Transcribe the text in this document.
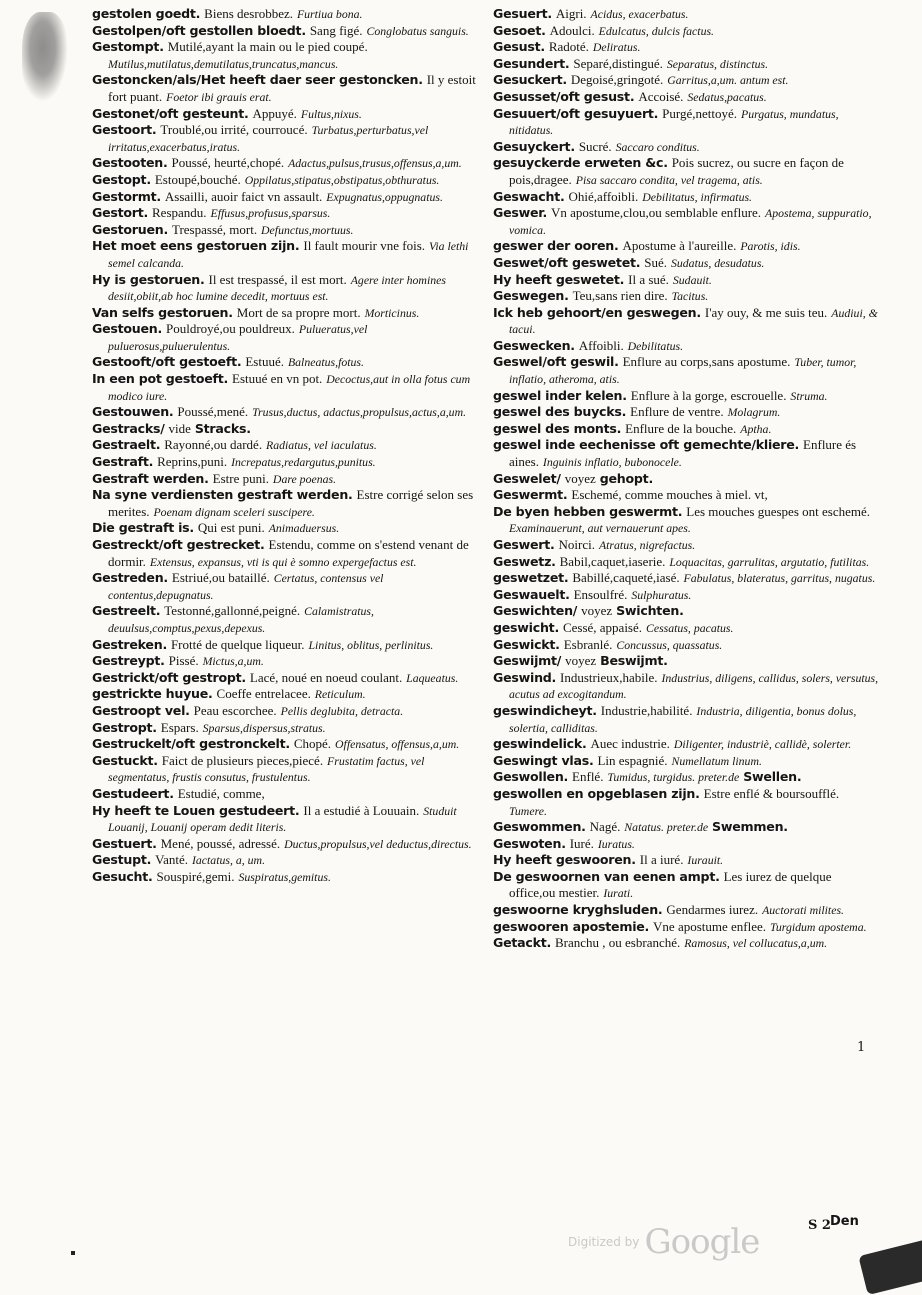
gestolen goedt. Biens desrobbez. Furtiua bona.

Gestolpen/oft gestollen bloedt. Sang figé. Conglobatus sanguis.

Gestompt. Mutilé,ayant la main ou le pied coupé. Mutilus,mutilatus,demutilatus,truncatus,mancus.

Gestoncken/als/Het heeft daer seer gestoncken. Il y estoit fort puant. Foetor ibi grauis erat.

Gestonet/oft gesteunt. Appuyé. Fultus,nixus.

Gestoort. Troublé,ou irrité, courroucé. Turbatus,perturbatus,vel irritatus,exacerbatus,iratus.

Gestooten. Poussé, heurté,chopé. Adactus,pulsus,trusus,offensus,a,um.

Gestopt. Estoupé,bouché. Oppilatus,stipatus,obstipatus,obthuratus.

Gestormt. Assailli, auoir faict vn assault. Expugnatus,oppugnatus.

Gestort. Respandu. Effusus,profusus,sparsus.

Gestoruen. Trespassé, mort. Defunctus,mortuus.

Het moet eens gestoruen zijn. Il fault mourir vne fois. Via lethi semel calcanda.

Hy is gestoruen. Il est trespassé, il est mort. Agere inter homines desiit,obiit,ab hoc lumine decedit, mortuus est.

Van selfs gestoruen. Mort de sa propre mort. Morticinus.

Gestouen. Pouldroyé,ou pouldreux. Pulueratus,vel puluerosus,puluerulentus.

Gestooft/oft gestoeft. Estuué. Balneatus,fotus.

In een pot gestoeft. Estuué en vn pot. Decoctus,aut in olla fotus cum modico iure.

Gestouwen. Poussé,mené. Trusus,ductus, adactus,propulsus,actus,a,um.

Gestracks/ vide Stracks.

Gestraelt. Rayonné,ou dardé. Radiatus, vel iaculatus.

Gestraft. Reprins,puni. Increpatus,redargutus,punitus.

Gestraft werden. Estre puni. Dare poenas.

Na syne verdiensten gestraft werden. Estre corrigé selon ses merites. Poenam dignam sceleri suscipere.

Die gestraft is. Qui est puni. Animaduersus.

Gestreckt/oft gestrecket. Estendu, comme on s'estend venant de dormir. Extensus, expansus, vti is qui è somno expergefactus est.

Gestreden. Estriué,ou bataillé. Certatus, contensus vel contentus,depugnatus.

Gestreelt. Testonné,gallonné,peigné. Calamistratus, deuulsus,comptus,pexus,depexus.

Gestreken. Frotté de quelque liqueur. Linitus, oblitus, perlinitus.

Gestreypt. Pissé. Mictus,a,um.

Gestrickt/oft gestropt. Lacé, noué en noeud coulant. Laqueatus.

gestrickte huyue. Coeffe entrelacee. Reticulum.

Gestroopt vel. Peau escorchee. Pellis deglubita, detracta.

Gestropt. Espars. Sparsus,dispersus,stratus.

Gestruckelt/oft gestronckelt. Chopé. Offensatus, offensus,a,um.

Gestuckt. Faict de plusieurs pieces,piecé. Frustatim factus, vel segmentatus, frustis consutus, frustulentus.

Gestudeert. Estudié, comme,

Hy heeft te Louen gestudeert. Il a estudié à Louuain. Studuit Louanij, Louanij operam dedit literis.

Gestuert. Mené, poussé, adressé. Ductus,propulsus,vel deductus,directus.

Gestupt. Vanté. Iactatus, a, um.

Gesucht. Souspiré,gemi. Suspiratus,gemitus.

Gesuert. Aigri. Acidus, exacerbatus.

Gesoet. Adoulci. Edulcatus, dulcis factus.

Gesust. Radoté. Deliratus.

Gesundert. Separé,distingué. Separatus, distinctus.

Gesuckert. Degoisé,gringoté. Garritus,a,um. antum est.

Gesusset/oft gesust. Accoisé. Sedatus,pacatus.

Gesuuert/oft gesuyuert. Purgé,nettoyé. Purgatus, mundatus, nitidatus.

Gesuyckert. Sucré. Saccaro conditus.

gesuyckerde erweten &c. Pois sucrez, ou sucre en façon de pois,dragee. Pisa saccaro condita, vel tragema, atis.

Geswacht. Ohié,affoibli. Debilitatus, infirmatus.

Geswer. Vn apostume,clou,ou semblable enflure. Apostema, suppuratio, vomica.

geswer der ooren. Apostume à l'aureille. Parotis, idis.

Geswet/oft geswetet. Sué. Sudatus, desudatus.

Hy heeft geswetet. Il a sué. Sudauit.

Geswegen. Teu,sans rien dire. Tacitus.

Ick heb gehoort/en geswegen. I'ay ouy, & me suis teu. Audiui, & tacui.

Geswecken. Affoibli. Debilitatus.

Geswel/oft geswil. Enflure au corps,sans apostume. Tuber, tumor, inflatio, atheroma, atis.

geswel inder kelen. Enflure à la gorge, escrouelle. Struma.

geswel des buycks. Enflure de ventre. Molagrum.

geswel des monts. Enflure de la bouche. Aptha.

geswel inde eechenisse oft gemechte/kliere. Enflure és aines. Inguinis inflatio, bubonocele.

Geswelet/ voyez gehopt.

Geswermt. Eschemé, comme mouches à miel. vt,

De byen hebben geswermt. Les mouches guespes ont eschemé. Examinauerunt, aut vernauerunt apes.

Geswert. Noirci. Atratus, nigrefactus.

Geswetz. Babil,caquet,iaserie. Loquacitas, garrulitas, argutatio, futilitas.

geswetzet. Babillé,caqueté,iasé. Fabulatus, blateratus, garritus, nugatus.

Geswauelt. Ensoulfré. Sulphuratus.

Geswichten/ voyez Swichten.

geswicht. Cessé, appaisé. Cessatus, pacatus.

Geswickt. Esbranlé. Concussus, quassatus.

Geswijmt/ voyez Beswijmt.

Geswind. Industrieux,habile. Industrius, diligens, callidus, solers, versutus, acutus ad excogitandum.

geswindicheyt. Industrie,habilité. Industria, diligentia, bonus dolus, solertia, calliditas.

geswindelick. Auec industrie. Diligenter, industriè, callidè, solerter.

Geswingt vlas. Lin espagnié. Numellatum linum.

Geswollen. Enflé. Tumidus, turgidus. preter.de Swellen.

geswollen en opgeblasen zijn. Estre enflé & boursoufflé. Tumere.

Geswommen. Nagé. Natatus. preter.de Swemmen.

Geswoten. Iuré. Iuratus.

Hy heeft geswooren. Il a iuré. Iurauit.

De geswoornen van eenen ampt. Les iurez de quelque office,ou mestier. Iurati.

geswoorne kryghsluden. Gendarmes iurez. Auctorati milites.

geswooren apostemie. Vne apostume enflee. Turgidum apostema.

Getackt. Branchu , ou esbranché. Ramosus, vel collucatus,a,um.

1
Digitized by Google	S 2 Den
